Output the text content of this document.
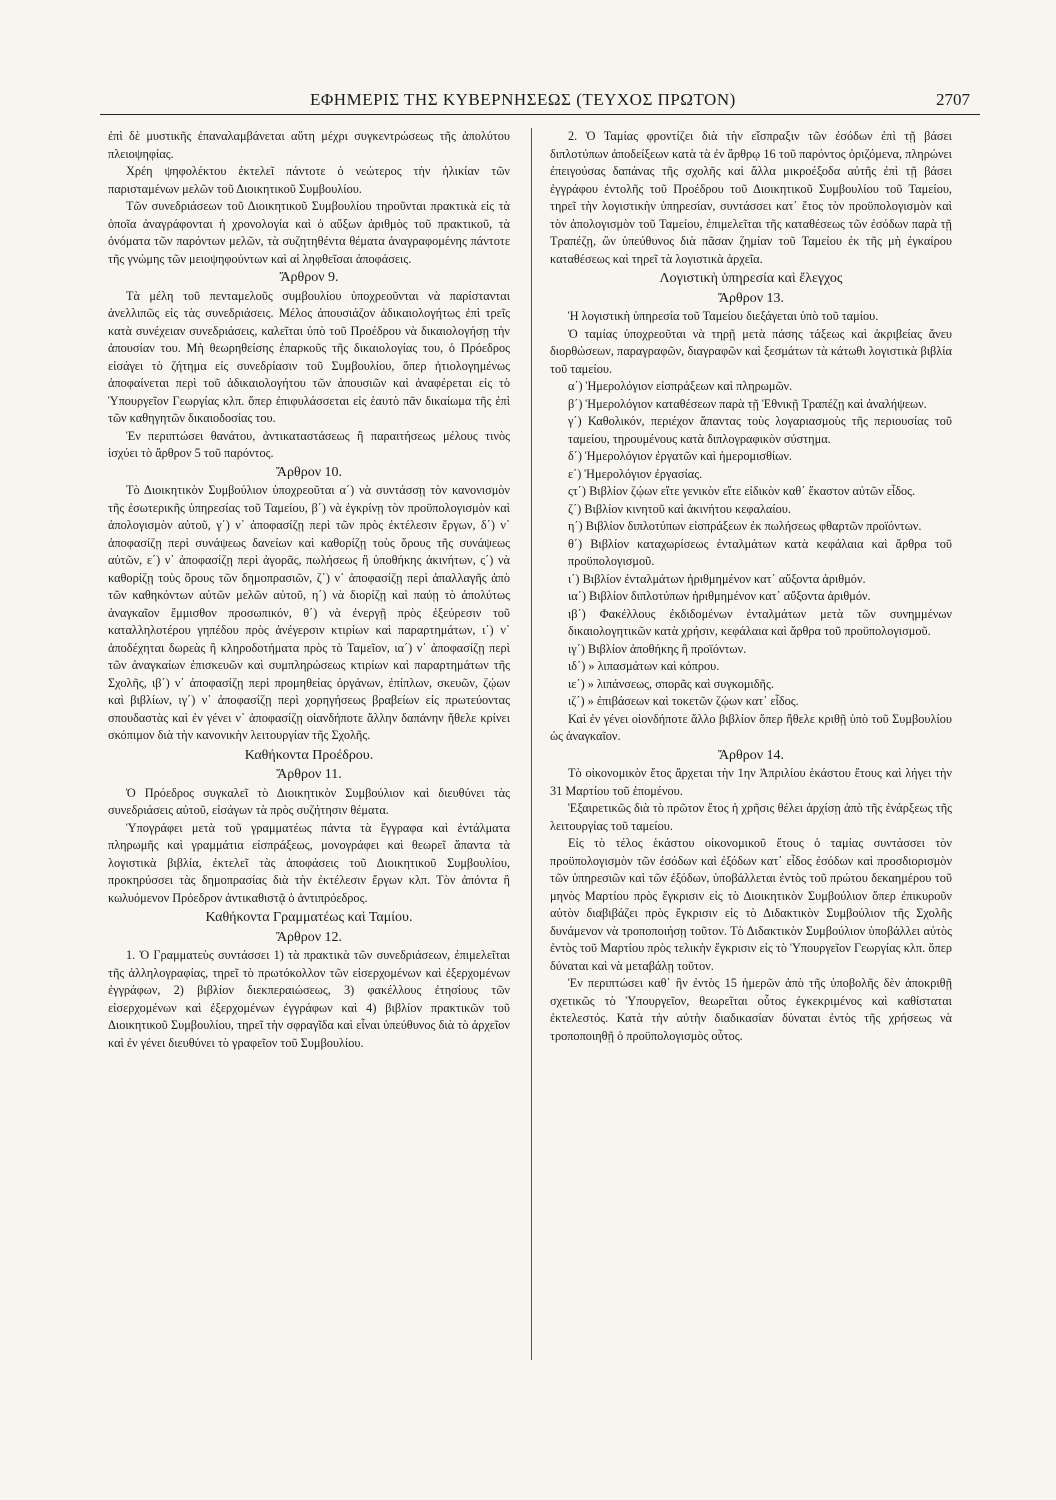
ΕΦΗΜΕΡΙΣ ΤΗΣ ΚΥΒΕΡΝΗΣΕΩΣ (ΤΕΥΧΟΣ ΠΡΩΤΟΝ)	2707

ἐπὶ δὲ μυστικῆς ἐπαναλαμβάνεται αὕτη μέχρι συγκεντρώσεως τῆς ἀπολύτου πλειοψηφίας.

Χρέη ψηφολέκτου ἐκτελεῖ πάντοτε ὁ νεώτερος τὴν ἡλικίαν τῶν παρισταμένων μελῶν τοῦ Διοικητικοῦ Συμβουλίου.

Τῶν συνεδριάσεων τοῦ Διοικητικοῦ Συμβουλίου τηροῦνται πρακτικὰ εἰς τὰ ὁποῖα ἀναγράφονται ἡ χρονολογία καὶ ὁ αὔξων ἀριθμὸς τοῦ πρακτικοῦ, τὰ ὀνόματα τῶν παρόντων μελῶν, τὰ συζητηθέντα θέματα ἀναγραφομένης πάντοτε τῆς γνώμης τῶν μειοψηφούντων καὶ αἱ ληφθεῖσαι ἀποφάσεις.

Ἄρθρον 9.

Τὰ μέλη τοῦ πενταμελοῦς συμβουλίου ὑποχρεοῦνται νὰ παρίστανται ἀνελλιπῶς εἰς τὰς συνεδριάσεις. Μέλος ἀπουσιάζον ἀδικαιολογήτως ἐπὶ τρεῖς κατὰ συνέχειαν συνεδριάσεις, καλεῖται ὑπὸ τοῦ Προέδρου νὰ δικαιολογήσῃ τὴν ἀπουσίαν του. Μὴ θεωρηθείσης ἐπαρκοῦς τῆς δικαιολογίας του, ὁ Πρόεδρος εἰσάγει τὸ ζήτημα εἰς συνεδρίασιν τοῦ Συμβουλίου, ὅπερ ἠτιολογημένως ἀποφαίνεται περὶ τοῦ ἀδικαιολογήτου τῶν ἀπουσιῶν καὶ ἀναφέρεται εἰς τὸ Ὑπουργεῖον Γεωργίας κλπ. ὅπερ ἐπιφυλάσσεται εἰς ἑαυτὸ πᾶν δικαίωμα τῆς ἐπὶ τῶν καθηγητῶν δικαιοδοσίας του.

Ἐν περιπτώσει θανάτου, ἀντικαταστάσεως ἢ παραιτήσεως μέλους τινὸς ἰσχύει τὸ ἄρθρον 5 τοῦ παρόντος.

Ἄρθρον 10.

Τὸ Διοικητικὸν Συμβούλιον ὑποχρεοῦται α΄) νὰ συντάσσῃ τὸν κανονισμὸν τῆς ἐσωτερικῆς ὑπηρεσίας τοῦ Ταμείου, β΄) νὰ ἐγκρίνῃ τὸν προϋπολογισμὸν καὶ ἀπολογισμὸν αὐτοῦ, γ΄) ν᾽ ἀποφασίζῃ περὶ τῶν πρὸς ἐκτέλεσιν ἔργων, δ΄) ν᾽ ἀποφασίζῃ περὶ συνάψεως δανείων καὶ καθορίζῃ τοὺς ὅρους τῆς συνάψεως αὐτῶν, ε΄) ν᾽ ἀποφασίζῃ περὶ ἀγορᾶς, πωλήσεως ἢ ὑποθήκης ἀκινήτων, ς΄) νὰ καθορίζῃ τοὺς ὅρους τῶν δημοπρασιῶν, ζ΄) ν᾽ ἀποφασίζῃ περὶ ἀπαλλαγῆς ἀπὸ τῶν καθηκόντων αὐτῶν μελῶν αὐτοῦ, η΄) νὰ διορίζῃ καὶ παύῃ τὸ ἀπολύτως ἀναγκαῖον ἔμμισθον προσωπικόν, θ΄) νὰ ἐνεργῇ πρὸς ἐξεύρεσιν τοῦ καταλληλοτέρου γηπέδου πρὸς ἀνέγερσιν κτιρίων καὶ παραρτημάτων, ι΄) ν᾽ ἀποδέχηται δωρεὰς ἢ κληροδοτήματα πρὸς τὸ Ταμεῖον, ια΄) ν᾽ ἀποφασίζῃ περὶ τῶν ἀναγκαίων ἐπισκευῶν καὶ συμπληρώσεως κτιρίων καὶ παραρτημάτων τῆς Σχολῆς, ιβ΄) ν᾽ ἀποφασίζῃ περὶ προμηθείας ὀργάνων, ἐπίπλων, σκευῶν, ζῴων καὶ βιβλίων, ιγ΄) ν᾽ ἀποφασίζῃ περὶ χορηγήσεως βραβείων εἰς πρωτεύοντας σπουδαστὰς καὶ ἐν γένει ν᾽ ἀποφασίζῃ οἱανδήποτε ἄλλην δαπάνην ἤθελε κρίνει σκόπιμον διὰ τὴν κανονικὴν λειτουργίαν τῆς Σχολῆς.

Καθήκοντα Προέδρου.

Ἄρθρον 11.

Ὁ Πρόεδρος συγκαλεῖ τὸ Διοικητικὸν Συμβούλιον καὶ διευθύνει τὰς συνεδριάσεις αὐτοῦ, εἰσάγων τὰ πρὸς συζήτησιν θέματα.

Ὑπογράφει μετὰ τοῦ γραμματέως πάντα τὰ ἔγγραφα καὶ ἐντάλματα πληρωμῆς καὶ γραμμάτια εἰσπράξεως, μονογράφει καὶ θεωρεῖ ἅπαντα τὰ λογιστικὰ βιβλία, ἐκτελεῖ τὰς ἀποφάσεις τοῦ Διοικητικοῦ Συμβουλίου, προκηρύσσει τὰς δημοπρασίας διὰ τὴν ἐκτέλεσιν ἔργων κλπ. Τὸν ἀπόντα ἢ κωλυόμενον Πρόεδρον ἀντικαθιστᾷ ὁ ἀντιπρόεδρος.

Καθήκοντα Γραμματέως καὶ Ταμίου.

Ἄρθρον 12.

1. Ὁ Γραμματεὺς συντάσσει 1) τὰ πρακτικὰ τῶν συνεδριάσεων, ἐπιμελεῖται τῆς ἀλληλογραφίας, τηρεῖ τὸ πρωτόκολλον τῶν εἰσερχομένων καὶ ἐξερχομένων ἐγγράφων, 2) βιβλίον διεκπεραιώσεως, 3) φακέλλους ἐτησίους τῶν εἰσερχομένων καὶ ἐξερχομένων ἐγγράφων καὶ 4) βιβλίον πρακτικῶν τοῦ Διοικητικοῦ Συμβουλίου, τηρεῖ τὴν σφραγῖδα καὶ εἶναι ὑπεύθυνος διὰ τὸ ἀρχεῖον καὶ ἐν γένει διευθύνει τὸ γραφεῖον τοῦ Συμβουλίου.

2. Ὁ Ταμίας φροντίζει διὰ τὴν εἴσπραξιν τῶν ἐσόδων ἐπὶ τῇ βάσει διπλοτύπων ἀποδείξεων κατὰ τὰ ἐν ἄρθρῳ 16 τοῦ παρόντος ὁριζόμενα, πληρώνει ἐπειγούσας δαπάνας τῆς σχολῆς καὶ ἄλλα μικροέξοδα αὐτῆς ἐπὶ τῇ βάσει ἐγγράφου ἐντολῆς τοῦ Προέδρου τοῦ Διοικητικοῦ Συμβουλίου τοῦ Ταμείου, τηρεῖ τὴν λογιστικὴν ὑπηρεσίαν, συντάσσει κατ᾽ ἔτος τὸν προϋπολογισμὸν καὶ τὸν ἀπολογισμὸν τοῦ Ταμείου, ἐπιμελεῖται τῆς καταθέσεως τῶν ἐσόδων παρὰ τῇ Τραπέζῃ, ὢν ὑπεύθυνος διὰ πᾶσαν ζημίαν τοῦ Ταμείου ἐκ τῆς μὴ ἐγκαίρου καταθέσεως καὶ τηρεῖ τὰ λογιστικὰ ἀρχεῖα.

Λογιστικὴ ὑπηρεσία καὶ ἔλεγχος

Ἄρθρον 13.

Ἡ λογιστικὴ ὑπηρεσία τοῦ Ταμείου διεξάγεται ὑπὸ τοῦ ταμίου.

Ὁ ταμίας ὑποχρεοῦται νὰ τηρῇ μετὰ πάσης τάξεως καὶ ἀκριβείας ἄνευ διορθώσεων, παραγραφῶν, διαγραφῶν καὶ ξεσμάτων τὰ κάτωθι λογιστικὰ βιβλία τοῦ ταμείου.

α΄) Ἡμερολόγιον εἰσπράξεων καὶ πληρωμῶν.

β΄) Ἡμερολόγιον καταθέσεων παρὰ τῇ Ἐθνικῇ Τραπέζῃ καὶ ἀναλήψεων.

γ΄) Καθολικόν, περιέχον ἅπαντας τοὺς λογαριασμοὺς τῆς περιουσίας τοῦ ταμείου, τηρουμένους κατὰ διπλογραφικὸν σύστημα.

δ΄) Ἡμερολόγιον ἐργατῶν καὶ ἡμερομισθίων.

ε΄) Ἡμερολόγιον ἐργασίας.

ςτ΄) Βιβλίον ζῴων εἴτε γενικὸν εἴτε εἰδικὸν καθ᾽ ἕκαστον αὐτῶν εἶδος.

ζ΄) Βιβλίον κινητοῦ καὶ ἀκινήτου κεφαλαίου.

η΄) Βιβλίον διπλοτύπων εἰσπράξεων ἐκ πωλήσεως φθαρτῶν προϊόντων.

θ΄) Βιβλίον καταχωρίσεως ἐνταλμάτων κατὰ κεφάλαια καὶ ἄρθρα τοῦ προϋπολογισμοῦ.

ι΄) Βιβλίον ἐνταλμάτων ἠριθμημένον κατ᾽ αὔξοντα ἀριθμόν.

ια΄) Βιβλίον διπλοτύπων ἠριθμημένον κατ᾽ αὔξοντα ἀριθμόν.

ιβ΄) Φακέλλους ἐκδιδομένων ἐνταλμάτων μετὰ τῶν συνημμένων δικαιολογητικῶν κατὰ χρήσιν, κεφάλαια καὶ ἄρθρα τοῦ προϋπολογισμοῦ.

ιγ΄) Βιβλίον ἀποθήκης ἢ προϊόντων.

ιδ΄) » λιπασμάτων καὶ κόπρου.

ιε΄) » λιπάνσεως, σπορᾶς καὶ συγκομιδῆς.

ιζ΄) » ἐπιβάσεων καὶ τοκετῶν ζῴων κατ᾽ εἶδος.

Καὶ ἐν γένει οἱονδήποτε ἄλλο βιβλίον ὅπερ ἤθελε κριθῇ ὑπὸ τοῦ Συμβουλίου ὡς ἀναγκαῖον.

Ἄρθρον 14.

Τὸ οἰκονομικὸν ἔτος ἄρχεται τὴν 1ην Ἀπριλίου ἑκάστου ἔτους καὶ λήγει τὴν 31 Μαρτίου τοῦ ἑπομένου.

Ἐξαιρετικῶς διὰ τὸ πρῶτον ἔτος ἡ χρῆσις θέλει ἀρχίσῃ ἀπὸ τῆς ἐνάρξεως τῆς λειτουργίας τοῦ ταμείου.

Εἰς τὸ τέλος ἑκάστου οἰκονομικοῦ ἔτους ὁ ταμίας συντάσσει τὸν προϋπολογισμὸν τῶν ἐσόδων καὶ ἐξόδων κατ᾽ εἶδος ἐσόδων καὶ προσδιορισμὸν τῶν ὑπηρεσιῶν καὶ τῶν ἐξόδων, ὑποβάλλεται ἐντὸς τοῦ πρώτου δεκαημέρου τοῦ μηνὸς Μαρτίου πρὸς ἔγκρισιν εἰς τὸ Διοικητικὸν Συμβούλιον ὅπερ ἐπικυροῦν αὐτὸν διαβιβάζει πρὸς ἔγκρισιν εἰς τὸ Διδακτικὸν Συμβούλιον τῆς Σχολῆς δυνάμενον νὰ τροποποιήσῃ τοῦτον. Τὸ Διδακτικὸν Συμβούλιον ὑποβάλλει αὐτὸς ἐντὸς τοῦ Μαρτίου πρὸς τελικὴν ἔγκρισιν εἰς τὸ Ὑπουργεῖον Γεωργίας κλπ. ὅπερ δύναται καὶ νὰ μεταβάλῃ τοῦτον.

Ἐν περιπτώσει καθ᾽ ἣν ἐντὸς 15 ἡμερῶν ἀπὸ τῆς ὑποβολῆς δὲν ἀποκριθῇ σχετικῶς τὸ Ὑπουργεῖον, θεωρεῖται οὗτος ἐγκεκριμένος καὶ καθίσταται ἐκτελεστός. Κατὰ τὴν αὐτὴν διαδικασίαν δύναται ἐντὸς τῆς χρήσεως νὰ τροποποιηθῇ ὁ προϋπολογισμὸς οὗτος.
